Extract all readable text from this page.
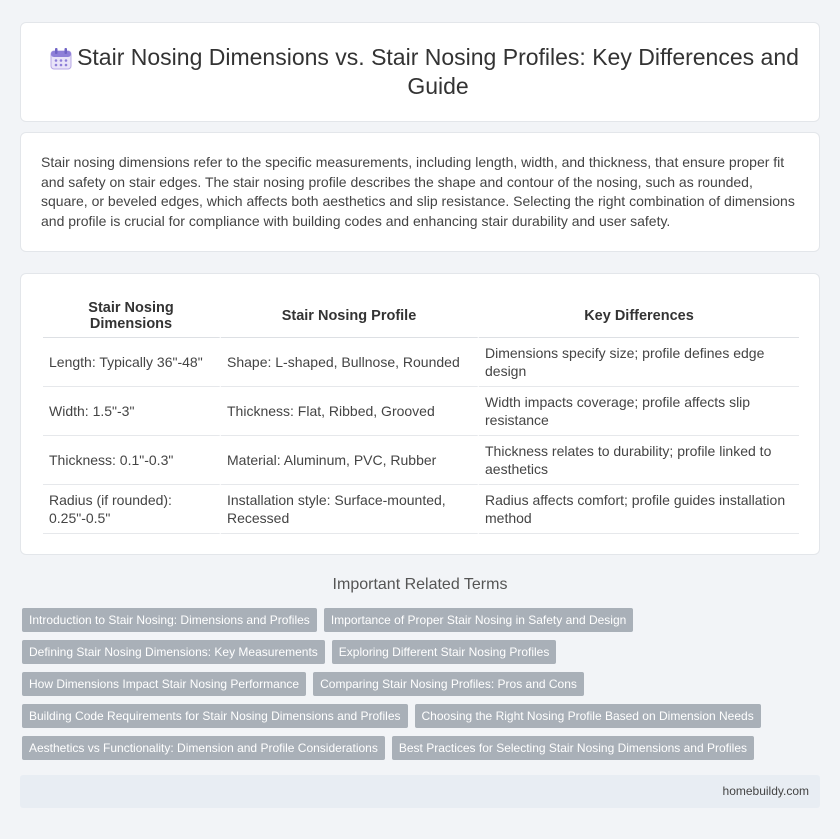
Stair Nosing Dimensions vs. Stair Nosing Profiles: Key Differences and Guide

Stair nosing dimensions refer to the specific measurements, including length, width, and thickness, that ensure proper fit and safety on stair edges. The stair nosing profile describes the shape and contour of the nosing, such as rounded, square, or beveled edges, which affects both aesthetics and slip resistance. Selecting the right combination of dimensions and profile is crucial for compliance with building codes and enhancing stair durability and user safety.

Stair Nosing Dimensions	Stair Nosing Profile	Key Differences
Length: Typically 36"-48"	Shape: L-shaped, Bullnose, Rounded	Dimensions specify size; profile defines edge design
Width: 1.5"-3"	Thickness: Flat, Ribbed, Grooved	Width impacts coverage; profile affects slip resistance
Thickness: 0.1"-0.3"	Material: Aluminum, PVC, Rubber	Thickness relates to durability; profile linked to aesthetics
Radius (if rounded): 0.25"-0.5"	Installation style: Surface-mounted, Recessed	Radius affects comfort; profile guides installation method
Important Related Terms
Introduction to Stair Nosing: Dimensions and Profiles	Importance of Proper Stair Nosing in Safety and Design
Defining Stair Nosing Dimensions: Key Measurements	Exploring Different Stair Nosing Profiles
How Dimensions Impact Stair Nosing Performance	Comparing Stair Nosing Profiles: Pros and Cons
Building Code Requirements for Stair Nosing Dimensions and Profiles	Choosing the Right Nosing Profile Based on Dimension Needs
Aesthetics vs Functionality: Dimension and Profile Considerations	Best Practices for Selecting Stair Nosing Dimensions and Profiles
homebuildy.com
